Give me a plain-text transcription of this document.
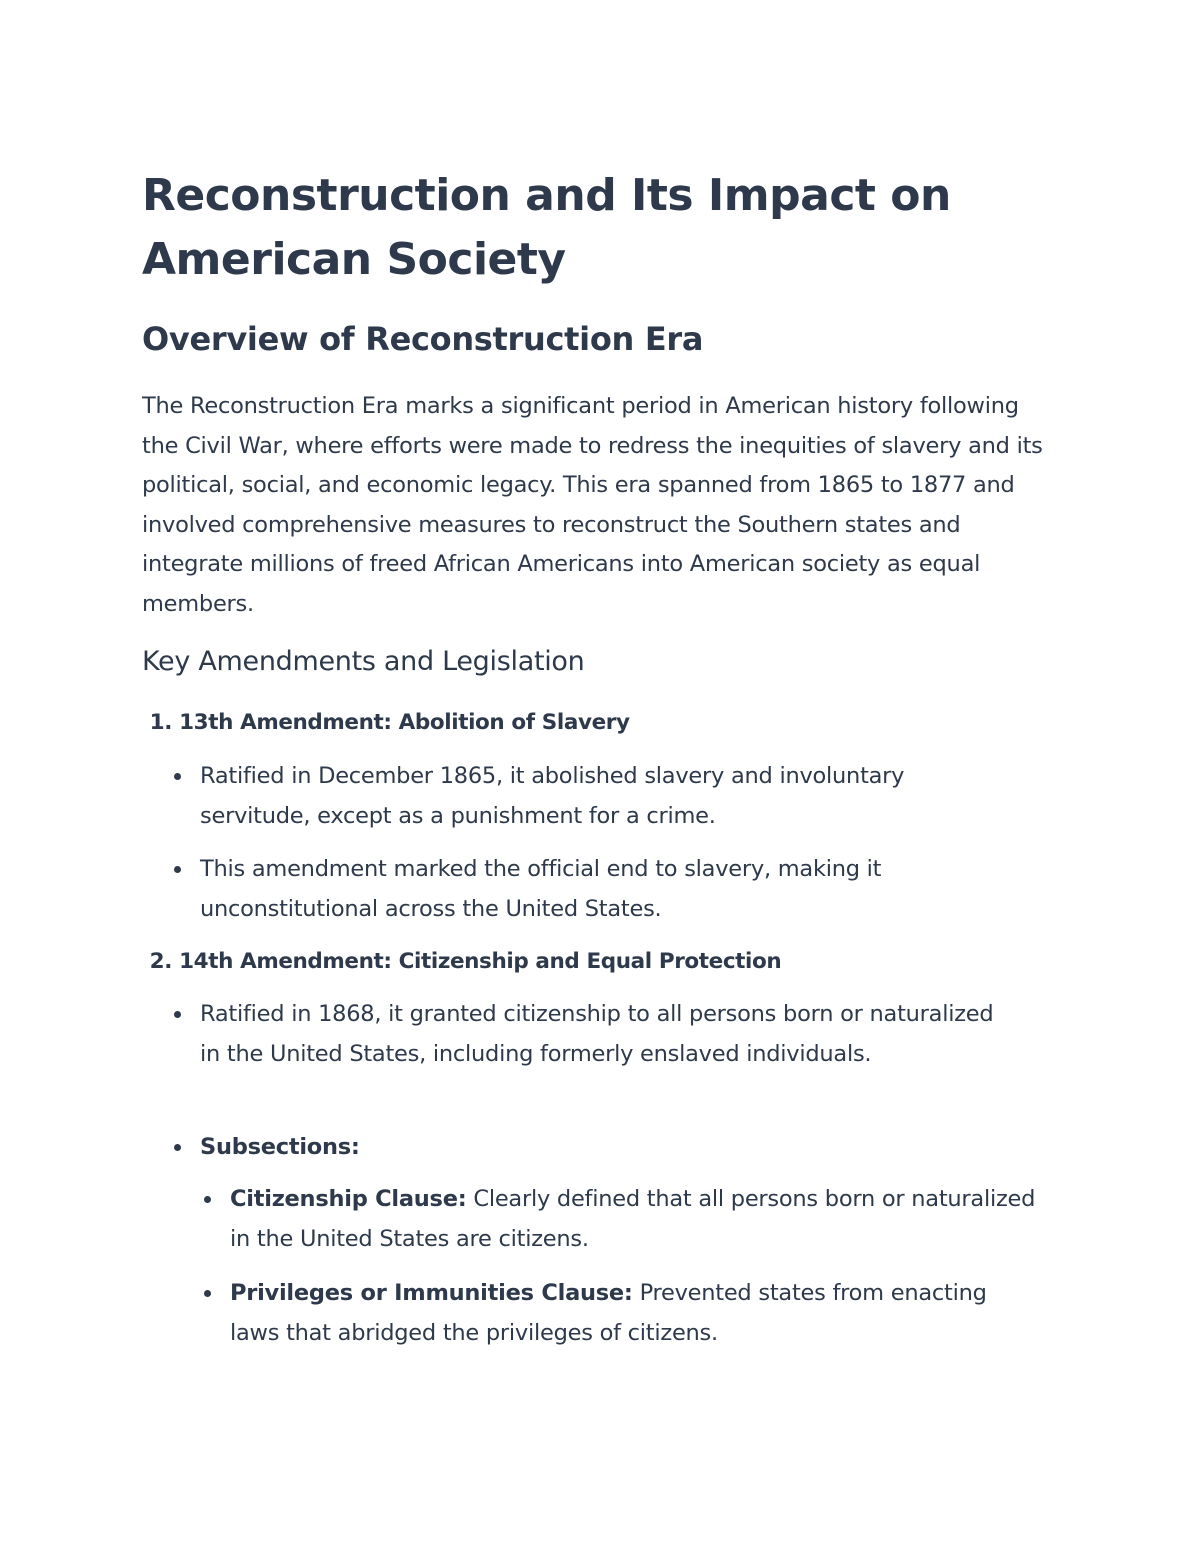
Reconstruction and Its Impact on American Society
Overview of Reconstruction Era

The Reconstruction Era marks a significant period in American history following the Civil War, where efforts were made to redress the inequities of slavery and its political, social, and economic legacy. This era spanned from 1865 to 1877 and involved comprehensive measures to reconstruct the Southern states and integrate millions of freed African Americans into American society as equal members.

Key Amendments and Legislation
1. 13th Amendment: Abolition of Slavery
Ratified in December 1865, it abolished slavery and involuntary servitude, except as a punishment for a crime.
This amendment marked the official end to slavery, making it unconstitutional across the United States.
2. 14th Amendment: Citizenship and Equal Protection
Ratified in 1868, it granted citizenship to all persons born or naturalized in the United States, including formerly enslaved individuals.
Subsections:
Citizenship Clause: Clearly defined that all persons born or naturalized in the United States are citizens.
Privileges or Immunities Clause: Prevented states from enacting laws that abridged the privileges of citizens.
